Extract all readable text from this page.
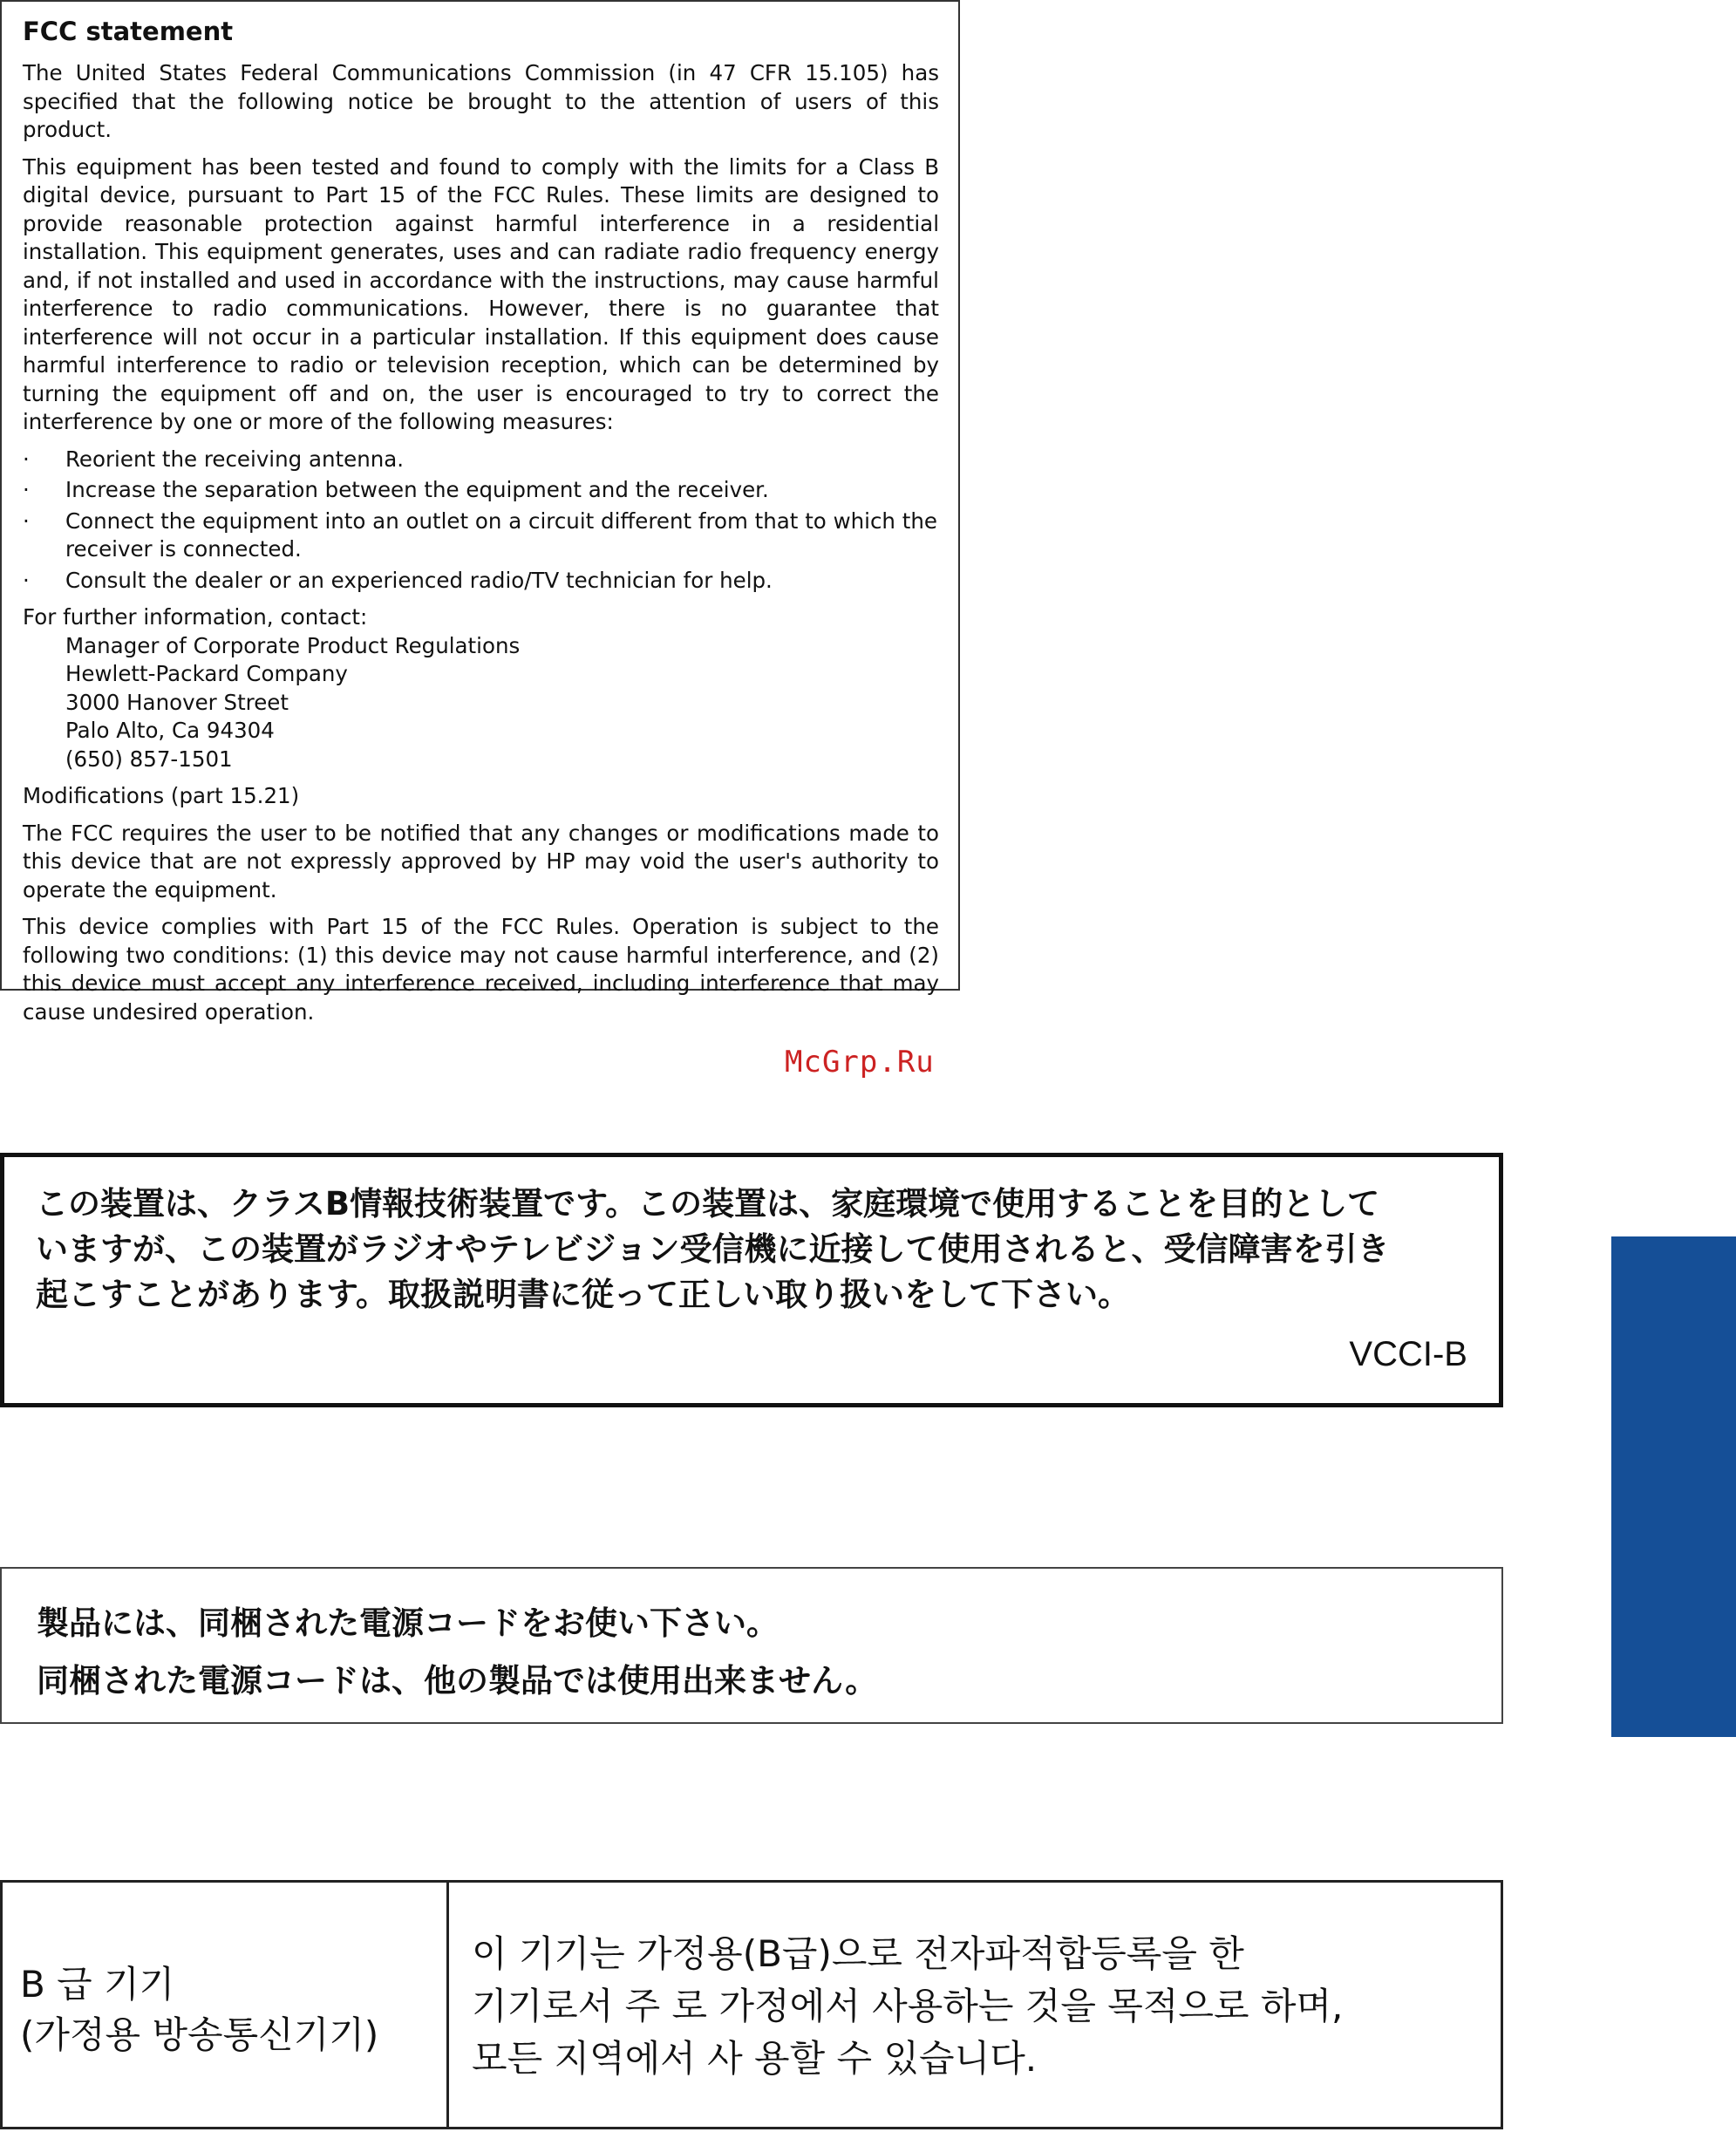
FCC statement

The United States Federal Communications Commission (in 47 CFR 15.105) has specified that the following notice be brought to the attention of users of this product.

This equipment has been tested and found to comply with the limits for a Class B digital device, pursuant to Part 15 of the FCC Rules. These limits are designed to provide reasonable protection against harmful interference in a residential installation. This equipment generates, uses and can radiate radio frequency energy and, if not installed and used in accordance with the instructions, may cause harmful interference to radio communications. However, there is no guarantee that interference will not occur in a particular installation. If this equipment does cause harmful interference to radio or television reception, which can be determined by turning the equipment off and on, the user is encouraged to try to correct the interference by one or more of the following measures:

· Reorient the receiving antenna.
· Increase the separation between the equipment and the receiver.
· Connect the equipment into an outlet on a circuit different from that to which the receiver is connected.
· Consult the dealer or an experienced radio/TV technician for help.

For further information, contact:

Manager of Corporate Product Regulations
Hewlett-Packard Company
3000 Hanover Street
Palo Alto, Ca 94304
(650) 857-1501

Modifications (part 15.21)

The FCC requires the user to be notified that any changes or modifications made to this device that are not expressly approved by HP may void the user's authority to operate the equipment.

This device complies with Part 15 of the FCC Rules. Operation is subject to the following two conditions: (1) this device may not cause harmful interference, and (2) this device must accept any interference received, including interference that may cause undesired operation.

McGrp.Ru
この装置は、クラスB情報技術装置です。この装置は、家庭環境で使用することを目的として
いますが、この装置がラジオやテレビジョン受信機に近接して使用されると、受信障害を引き
起こすことがあります。取扱説明書に従って正しい取り扱いをして下さい。
VCCI-B
製品には、同梱された電源コードをお使い下さい。
同梱された電源コードは、他の製品では使用出来ません。
B 급 기기
(가정용 방송통신기기)
이 기기는 가정용(B급)으로 전자파적합등록을 한
기기로서 주 로 가정에서 사용하는 것을 목적으로 하며,
모든 지역에서 사 용할 수 있습니다.
